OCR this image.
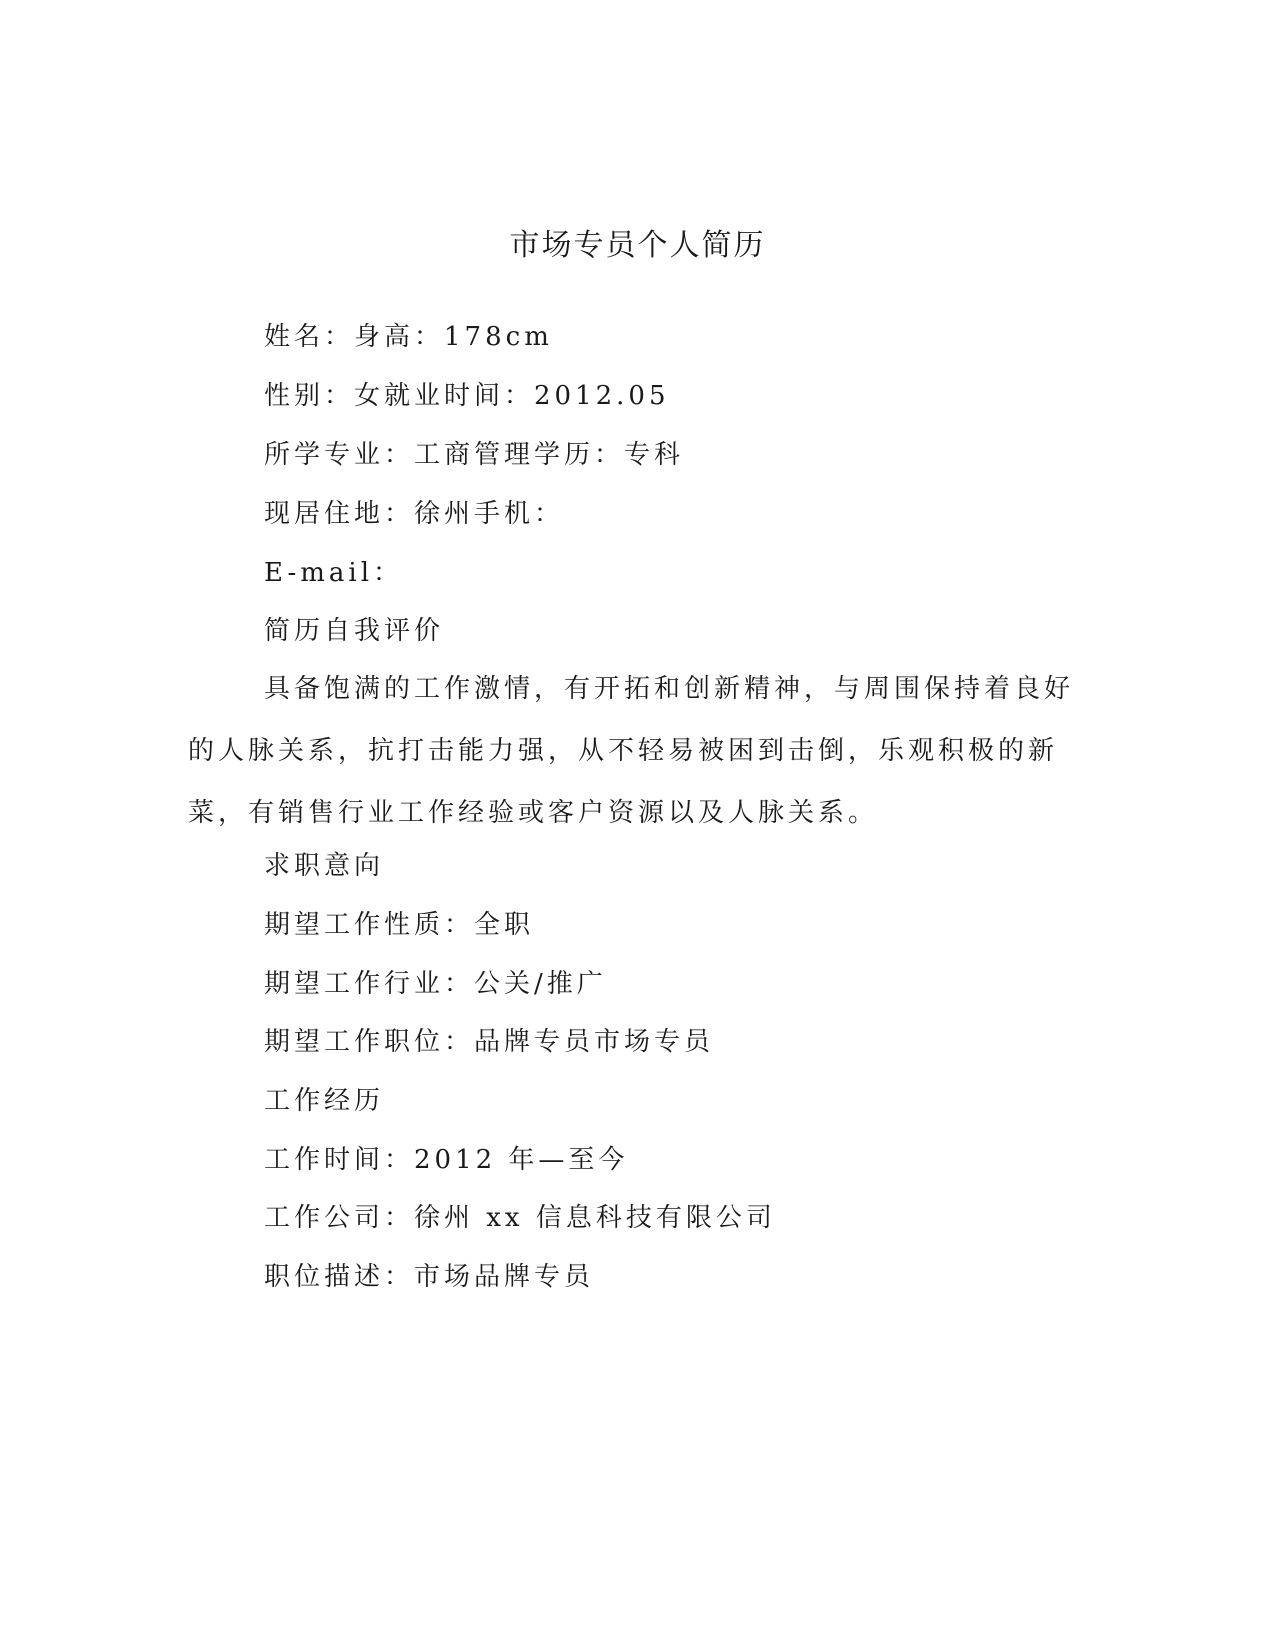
市场专员个人简历
姓名：身高：178cm
性别：女就业时间：2012.05
所学专业：工商管理学历：专科
现居住地：徐州手机：
E-mail：
简历自我评价
具备饱满的工作激情，有开拓和创新精神，与周围保持着良好的人脉关系，抗打击能力强，从不轻易被困到击倒，乐观积极的新菜，有销售行业工作经验或客户资源以及人脉关系。
求职意向
期望工作性质：全职
期望工作行业：公关/推广
期望工作职位：品牌专员市场专员
工作经历
工作时间：2012 年—至今
工作公司：徐州 xx 信息科技有限公司
职位描述：市场品牌专员
